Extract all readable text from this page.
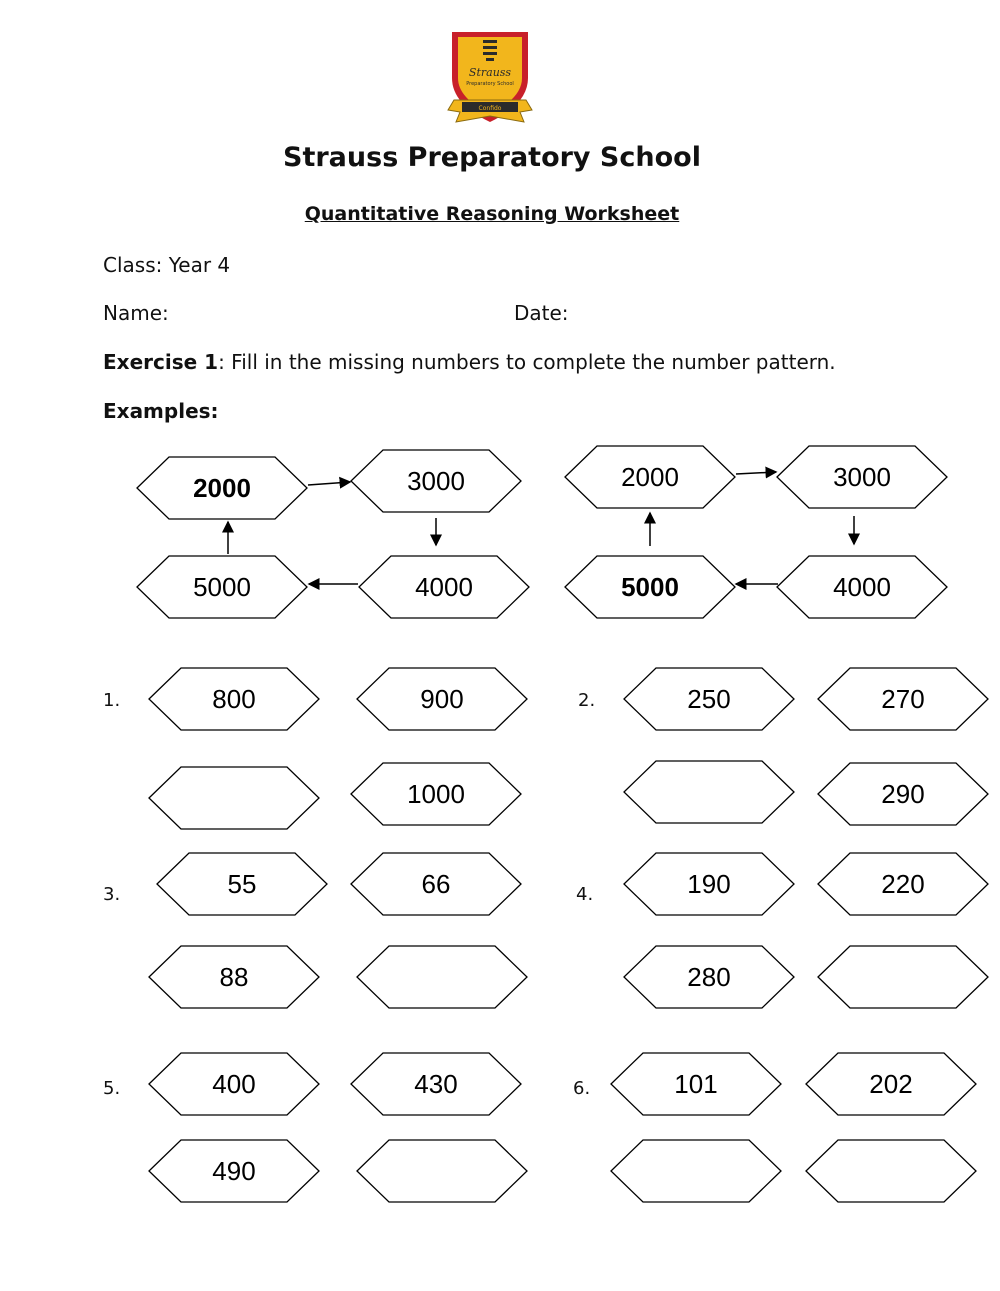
Strauss
Preparatory School
Confido
Strauss Preparatory School
Quantitative Reasoning Worksheet
Class: Year 4
Name:	Date:
Exercise 1: Fill in the missing numbers to complete the number pattern.
Examples:
1.	2.
3.	4.
5.	6.
2000	3000
5000	4000
2000	3000
5000	4000
800	900
1000
250	270
290
55	66
88
190	220
280
400	430
490
101	202
